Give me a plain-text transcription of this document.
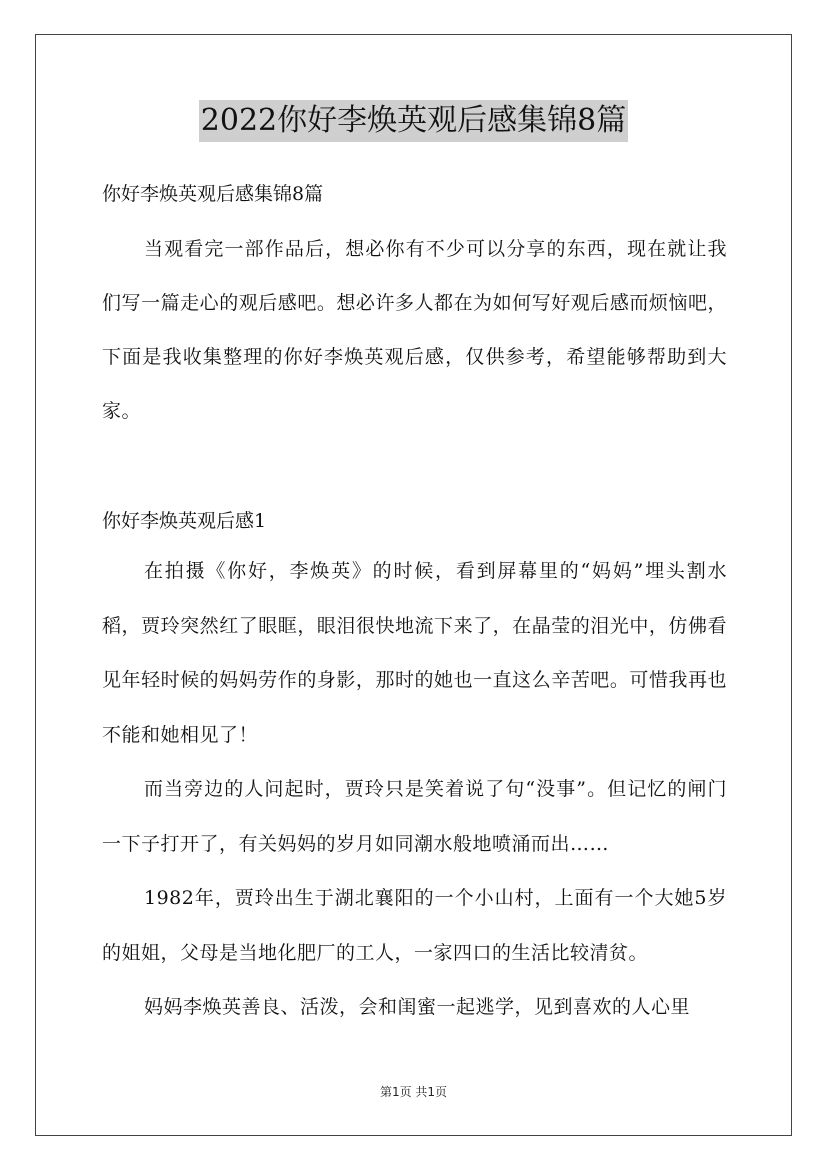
2022你好李焕英观后感集锦8篇
你好李焕英观后感集锦8篇

当观看完一部作品后，想必你有不少可以分享的东西，现在就让我们写一篇走心的观后感吧。想必许多人都在为如何写好观后感而烦恼吧，下面是我收集整理的你好李焕英观后感，仅供参考，希望能够帮助到大家。

你好李焕英观后感1

在拍摄《你好，李焕英》的时候，看到屏幕里的“妈妈”埋头割水稻，贾玲突然红了眼眶，眼泪很快地流下来了，在晶莹的泪光中，仿佛看见年轻时候的妈妈劳作的身影，那时的她也一直这么辛苦吧。可惜我再也不能和她相见了！

而当旁边的人问起时，贾玲只是笑着说了句“没事”。但记忆的闸门一下子打开了，有关妈妈的岁月如同潮水般地喷涌而出……

1982年，贾玲出生于湖北襄阳的一个小山村，上面有一个大她5岁的姐姐，父母是当地化肥厂的工人，一家四口的生活比较清贫。

妈妈李焕英善良、活泼，会和闺蜜一起逃学，见到喜欢的人心里

第1页 共1页
